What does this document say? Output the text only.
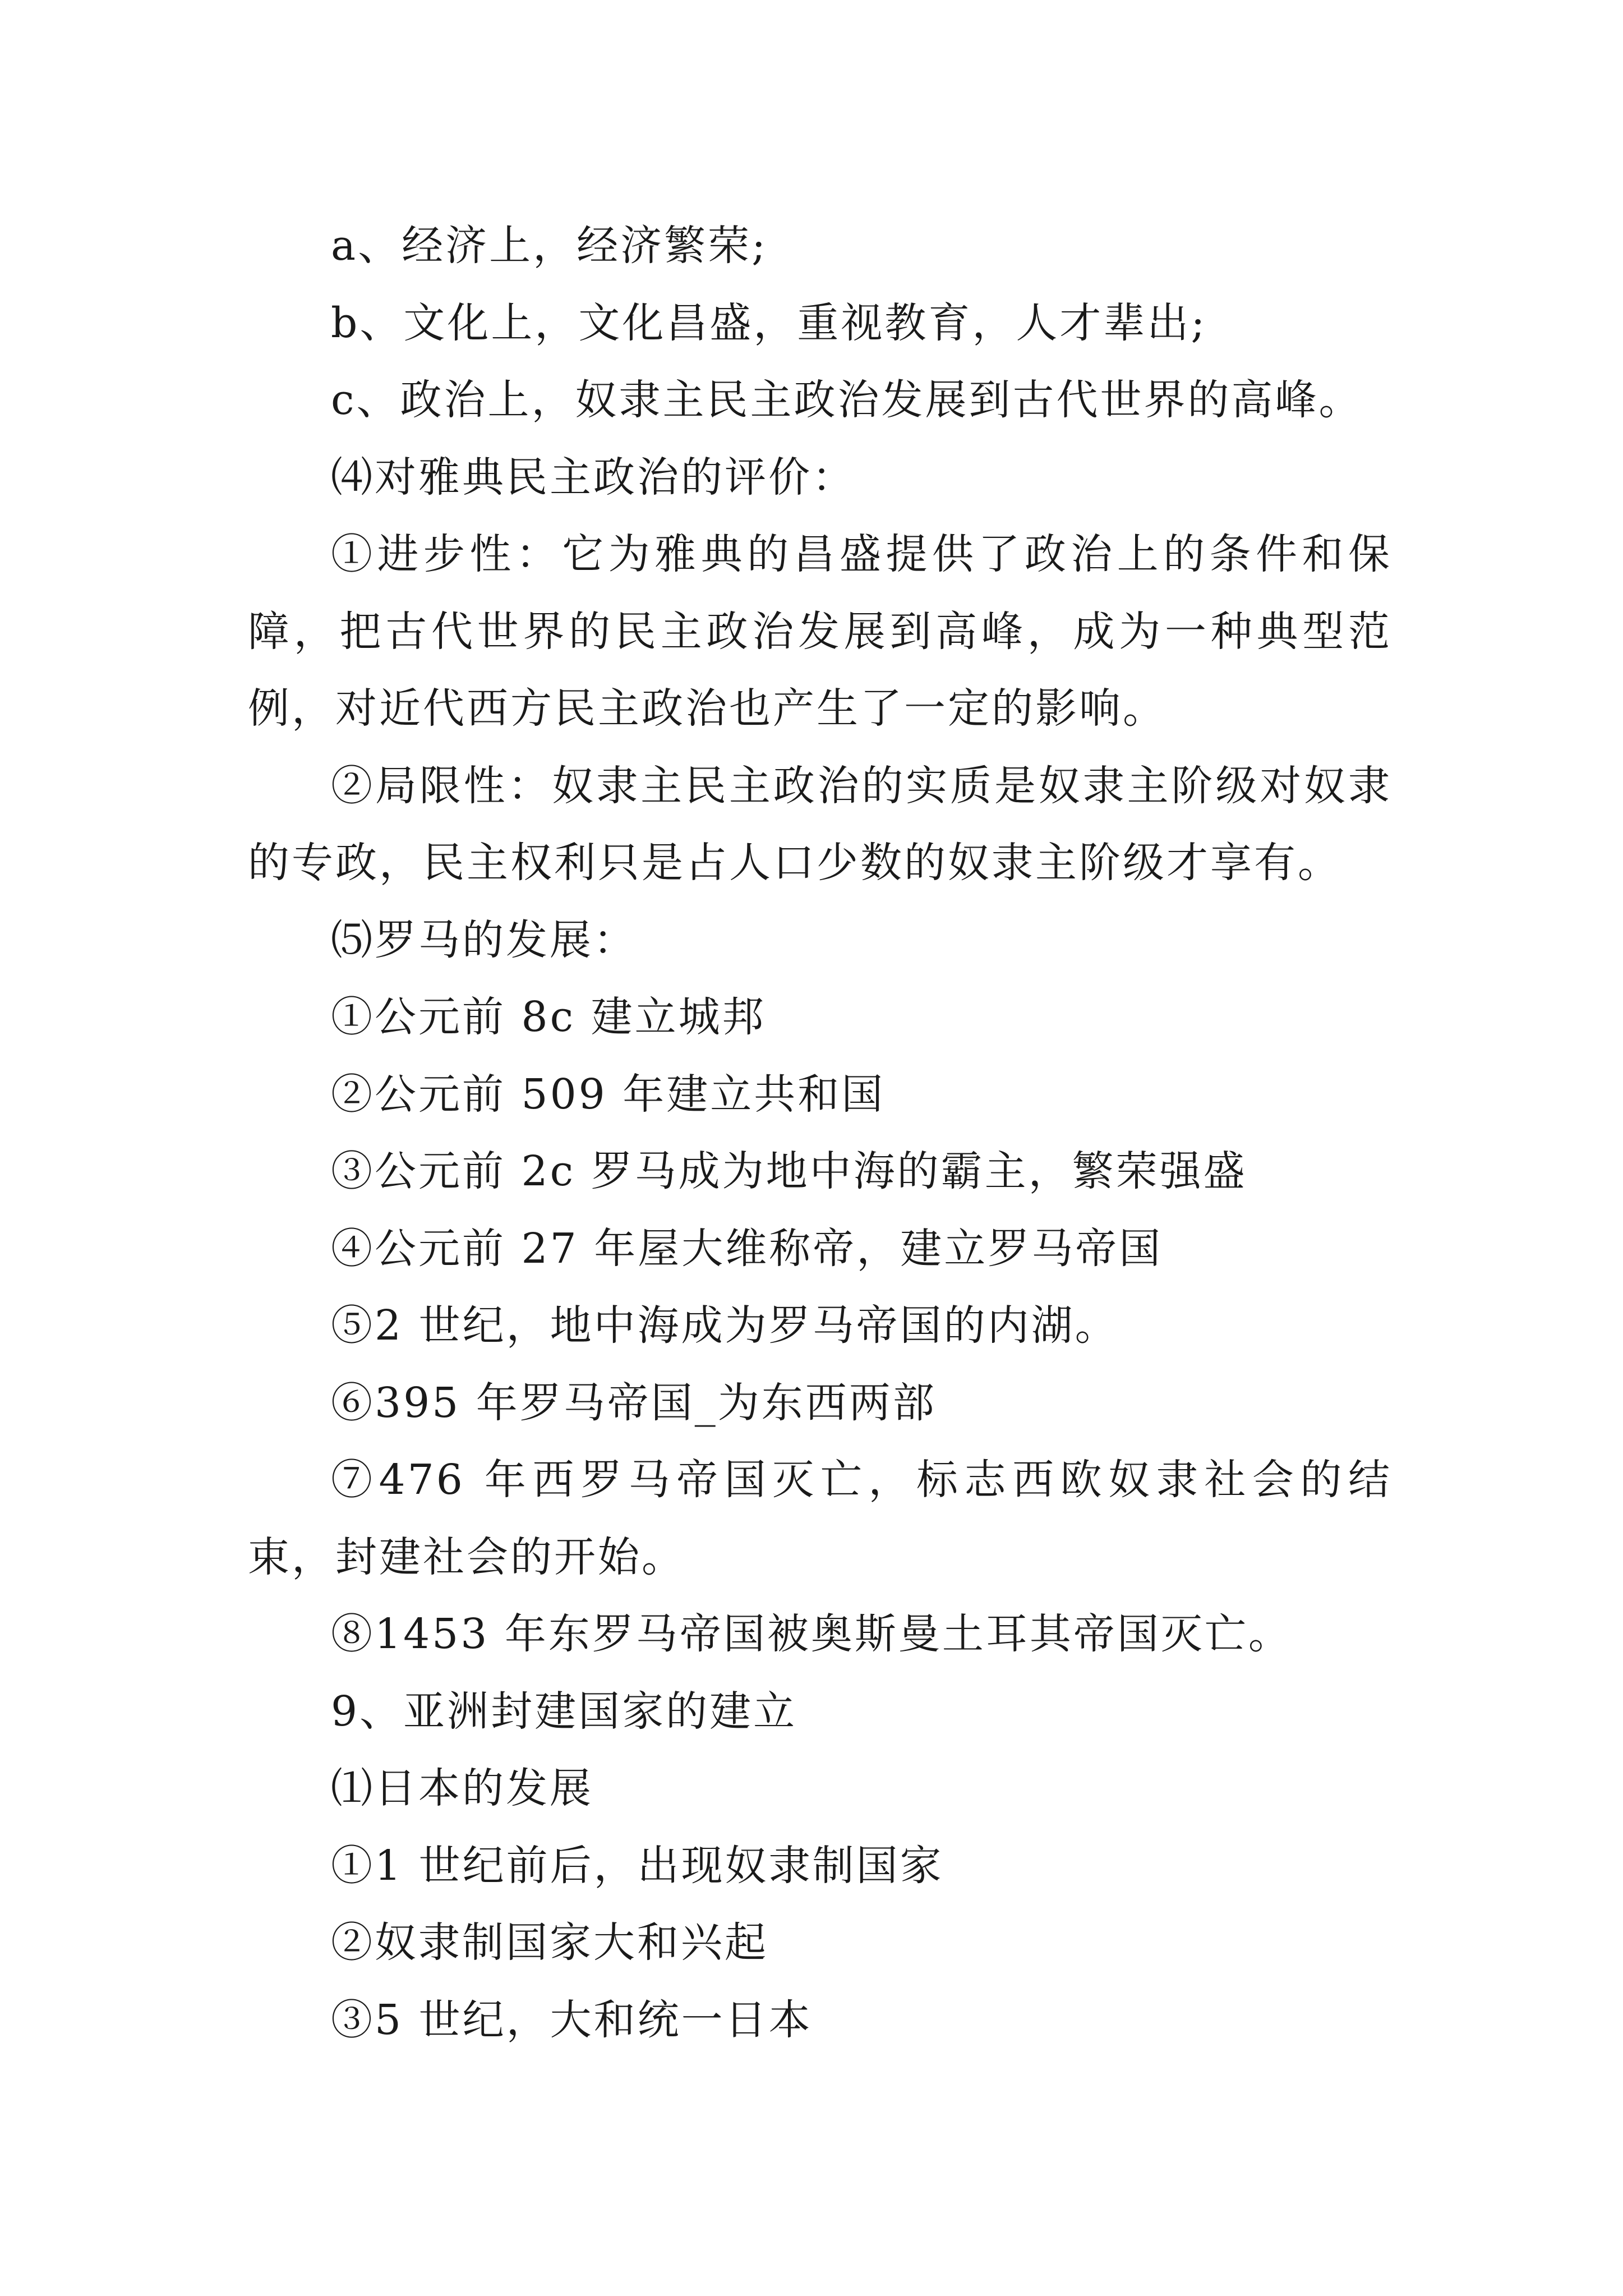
a、经济上，经济繁荣;

b、文化上，文化昌盛，重视教育，人才辈出;

c、政治上，奴隶主民主政治发展到古代世界的高峰。

⑷对雅典民主政治的评价：

①进步性：它为雅典的昌盛提供了政治上的条件和保障，把古代世界的民主政治发展到高峰，成为一种典型范例，对近代西方民主政治也产生了一定的影响。

②局限性：奴隶主民主政治的实质是奴隶主阶级对奴隶的专政，民主权利只是占人口少数的奴隶主阶级才享有。

⑸罗马的发展：

①公元前 8c 建立城邦

②公元前 509 年建立共和国

③公元前 2c 罗马成为地中海的霸主，繁荣强盛

④公元前 27 年屋大维称帝，建立罗马帝国

⑤2 世纪，地中海成为罗马帝国的内湖。

⑥395 年罗马帝国_为东西两部

⑦476 年西罗马帝国灭亡，标志西欧奴隶社会的结束，封建社会的开始。

⑧1453 年东罗马帝国被奥斯曼土耳其帝国灭亡。

9、亚洲封建国家的建立

⑴日本的发展

①1 世纪前后，出现奴隶制国家

②奴隶制国家大和兴起

③5 世纪，大和统一日本
